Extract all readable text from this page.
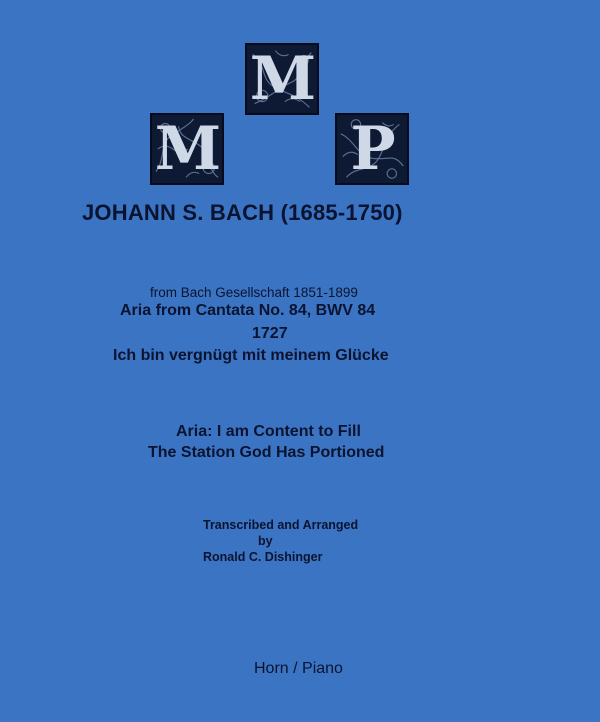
M
M
P
JOHANN S. BACH (1685-1750)
from Bach Gesellschaft 1851-1899
Aria from Cantata No. 84, BWV 84
1727
Ich bin vergnügt mit meinem Glücke
Aria: I am Content to Fill
The Station God Has Portioned
Transcribed and Arranged
by
Ronald C. Dishinger
Horn / Piano
